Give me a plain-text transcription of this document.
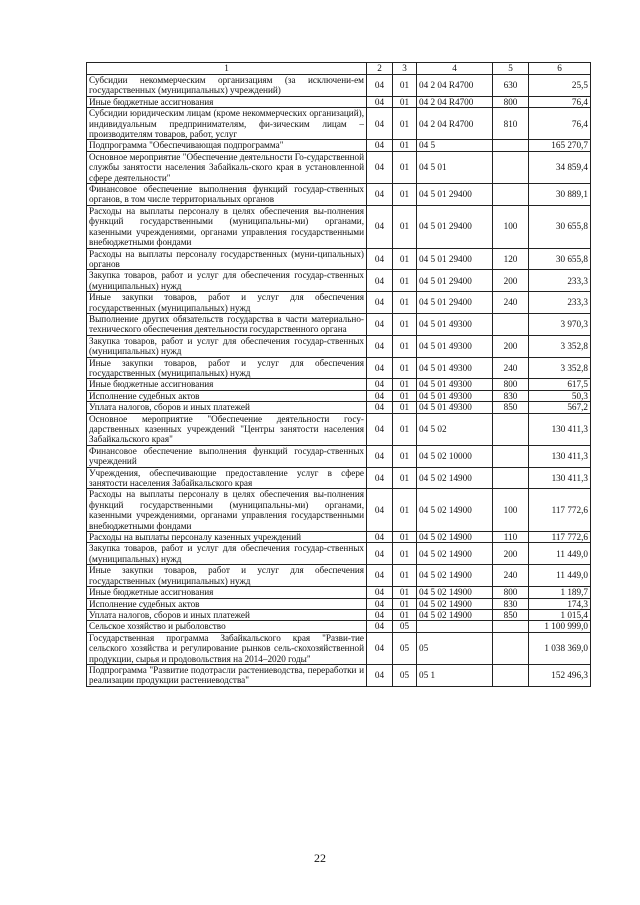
1	2	3	4	5	6
Субсидии некоммерческим организациям (за исключени-ем государственных (муниципальных) учреждений)	04	01	04 2 04 R4700	630	25,5
Иные бюджетные ассигнования	04	01	04 2 04 R4700	800	76,4
Субсидии юридическим лицам (кроме некоммерческих организаций), индивидуальным предпринимателям, фи-зическим лицам – производителям товаров, работ, услуг	04	01	04 2 04 R4700	810	76,4
Подпрограмма "Обеспечивающая подпрограмма"	04	01	04 5		165 270,7
Основное мероприятие "Обеспечение деятельности Го-сударственной службы занятости населения Забайкаль-ского края в установленной сфере деятельности"	04	01	04 5 01		34 859,4
Финансовое обеспечение выполнения функций государ-ственных органов, в том числе территориальных органов	04	01	04 5 01 29400		30 889,1
Расходы на выплаты персоналу в целях обеспечения вы-полнения функций государственными (муниципальны-ми) органами, казенными учреждениями, органами управления государственными внебюджетными фондами	04	01	04 5 01 29400	100	30 655,8
Расходы на выплаты персоналу государственных (муни-ципальных) органов	04	01	04 5 01 29400	120	30 655,8
Закупка товаров, работ и услуг для обеспечения государ-ственных (муниципальных) нужд	04	01	04 5 01 29400	200	233,3
Иные закупки товаров, работ и услуг для обеспечения государственных (муниципальных) нужд	04	01	04 5 01 29400	240	233,3
Выполнение других обязательств государства в части материально-технического обеспечения деятельности государственного органа	04	01	04 5 01 49300		3 970,3
Закупка товаров, работ и услуг для обеспечения государ-ственных (муниципальных) нужд	04	01	04 5 01 49300	200	3 352,8
Иные закупки товаров, работ и услуг для обеспечения государственных (муниципальных) нужд	04	01	04 5 01 49300	240	3 352,8
Иные бюджетные ассигнования	04	01	04 5 01 49300	800	617,5
Исполнение судебных актов	04	01	04 5 01 49300	830	50,3
Уплата налогов, сборов и иных платежей	04	01	04 5 01 49300	850	567,2
Основное мероприятие "Обеспечение деятельности госу-дарственных казенных учреждений "Центры занятости населения Забайкальского края"	04	01	04 5 02		130 411,3
Финансовое обеспечение выполнения функций государ-ственных учреждений	04	01	04 5 02 10000		130 411,3
Учреждения, обеспечивающие предоставление услуг в сфере занятости населения Забайкальского края	04	01	04 5 02 14900		130 411,3
Расходы на выплаты персоналу в целях обеспечения вы-полнения функций государственными (муниципальны-ми) органами, казенными учреждениями, органами управления государственными внебюджетными фондами	04	01	04 5 02 14900	100	117 772,6
Расходы на выплаты персоналу казенных учреждений	04	01	04 5 02 14900	110	117 772,6
Закупка товаров, работ и услуг для обеспечения государ-ственных (муниципальных) нужд	04	01	04 5 02 14900	200	11 449,0
Иные закупки товаров, работ и услуг для обеспечения государственных (муниципальных) нужд	04	01	04 5 02 14900	240	11 449,0
Иные бюджетные ассигнования	04	01	04 5 02 14900	800	1 189,7
Исполнение судебных актов	04	01	04 5 02 14900	830	174,3
Уплата налогов, сборов и иных платежей	04	01	04 5 02 14900	850	1 015,4
Сельское хозяйство и рыболовство	04	05			1 100 999,0
Государственная программа Забайкальского края "Разви-тие сельского хозяйства и регулирование рынков сель-скохозяйственной продукции, сырья и продовольствия на 2014–2020 годы"	04	05	05		1 038 369,0
Подпрограмма "Развитие подотрасли растениеводства, переработки и реализации продукции растениеводства"	04	05	05 1		152 496,3
22
